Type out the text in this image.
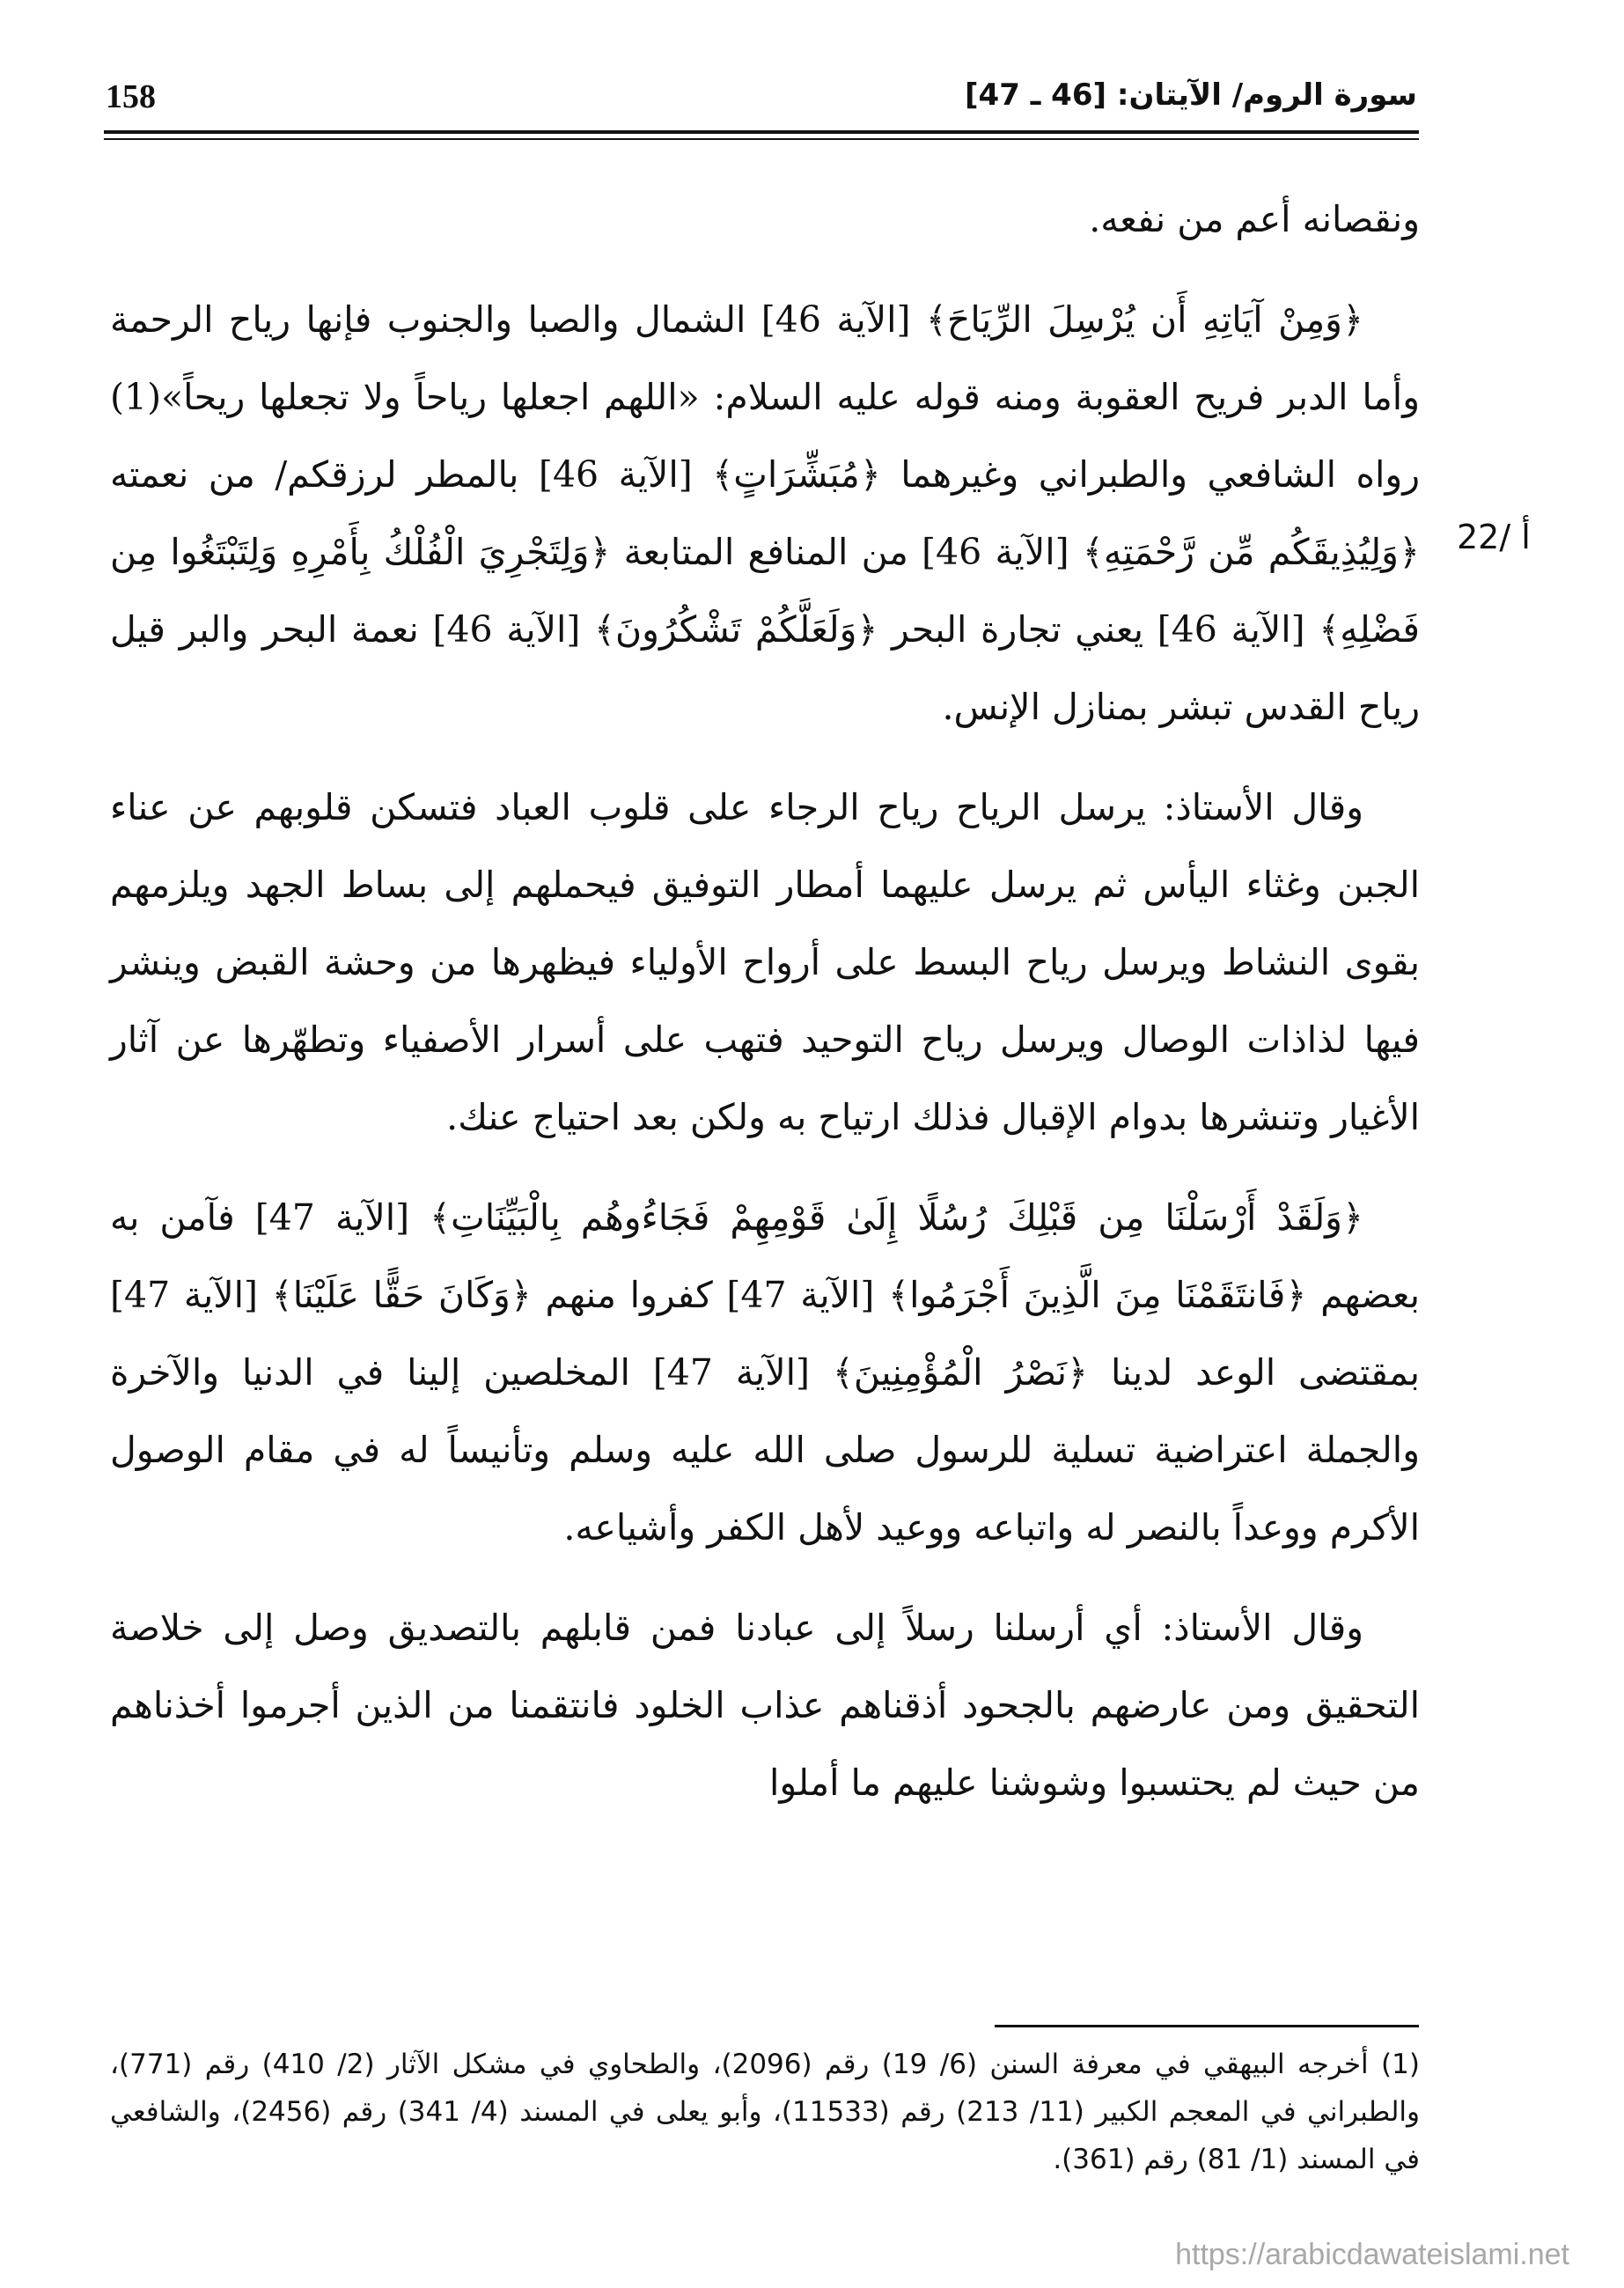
158	سورة الروم/ الآيتان: [46 ـ 47]
22/ أ

ونقصانه أعم من نفعه.

﴿وَمِنْ آيَاتِهِ أَن يُرْسِلَ الرِّيَاحَ﴾ [الآية 46] الشمال والصبا والجنوب فإنها رياح الرحمة وأما الدبر فريح العقوبة ومنه قوله عليه السلام: «اللهم اجعلها رياحاً ولا تجعلها ريحاً»(1) رواه الشافعي والطبراني وغيرهما ﴿مُبَشِّرَاتٍ﴾ [الآية 46] بالمطر لرزقكم/ من نعمته ﴿وَلِيُذِيقَكُم مِّن رَّحْمَتِهِ﴾ [الآية 46] من المنافع المتابعة ﴿وَلِتَجْرِيَ الْفُلْكُ بِأَمْرِهِ وَلِتَبْتَغُوا مِن فَضْلِهِ﴾ [الآية 46] يعني تجارة البحر ﴿وَلَعَلَّكُمْ تَشْكُرُونَ﴾ [الآية 46] نعمة البحر والبر قيل رياح القدس تبشر بمنازل الإنس.

وقال الأستاذ: يرسل الرياح رياح الرجاء على قلوب العباد فتسكن قلوبهم عن عناء الجبن وغثاء اليأس ثم يرسل عليهما أمطار التوفيق فيحملهم إلى بساط الجهد ويلزمهم بقوى النشاط ويرسل رياح البسط على أرواح الأولياء فيظهرها من وحشة القبض وينشر فيها لذاذات الوصال ويرسل رياح التوحيد فتهب على أسرار الأصفياء وتطهّرها عن آثار الأغيار وتنشرها بدوام الإقبال فذلك ارتياح به ولكن بعد احتياج عنك.

﴿وَلَقَدْ أَرْسَلْنَا مِن قَبْلِكَ رُسُلًا إِلَىٰ قَوْمِهِمْ فَجَاءُوهُم بِالْبَيِّنَاتِ﴾ [الآية 47] فآمن به بعضهم ﴿فَانتَقَمْنَا مِنَ الَّذِينَ أَجْرَمُوا﴾ [الآية 47] كفروا منهم ﴿وَكَانَ حَقًّا عَلَيْنَا﴾ [الآية 47] بمقتضى الوعد لدينا ﴿نَصْرُ الْمُؤْمِنِينَ﴾ [الآية 47] المخلصين إلينا في الدنيا والآخرة والجملة اعتراضية تسلية للرسول صلى الله عليه وسلم وتأنيساً له في مقام الوصول الأكرم ووعداً بالنصر له واتباعه ووعيد لأهل الكفر وأشياعه.

وقال الأستاذ: أي أرسلنا رسلاً إلى عبادنا فمن قابلهم بالتصديق وصل إلى خلاصة التحقيق ومن عارضهم بالجحود أذقناهم عذاب الخلود فانتقمنا من الذين أجرموا أخذناهم من حيث لم يحتسبوا وشوشنا عليهم ما أملوا

(1) أخرجه البيهقي في معرفة السنن (6/ 19) رقم (2096)، والطحاوي في مشكل الآثار (2/ 410) رقم (771)، والطبراني في المعجم الكبير (11/ 213) رقم (11533)، وأبو يعلى في المسند (4/ 341) رقم (2456)، والشافعي في المسند (1/ 81) رقم (361).

https://arabicdawateislami.net
